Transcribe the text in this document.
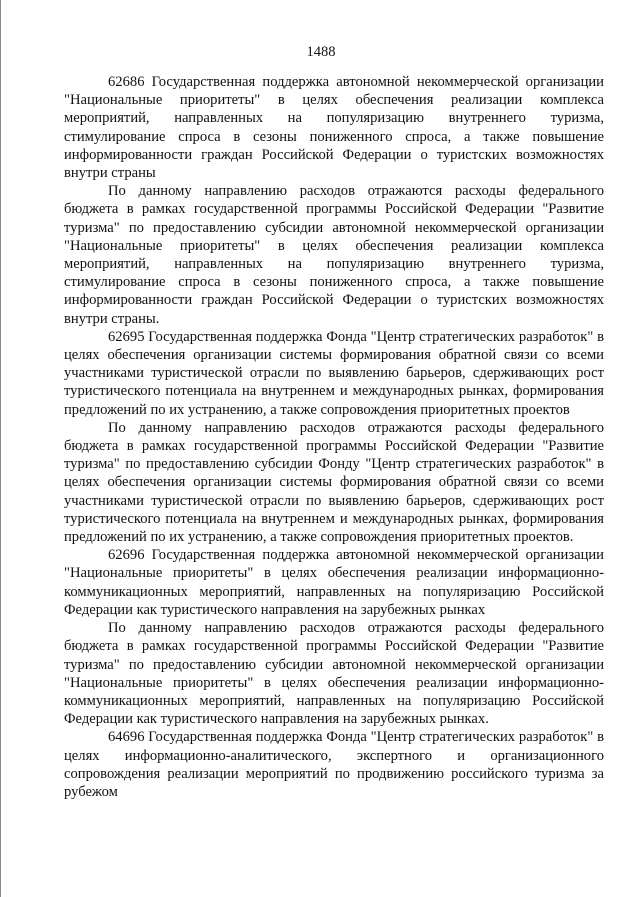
1488

62686 Государственная поддержка автономной некоммерческой организации "Национальные приоритеты" в целях обеспечения реализации комплекса мероприятий, направленных на популяризацию внутреннего туризма, стимулирование спроса в сезоны пониженного спроса, а также повышение информированности граждан Российской Федерации о туристских возможностях внутри страны

По данному направлению расходов отражаются расходы федерального бюджета в рамках государственной программы Российской Федерации "Развитие туризма" по предоставлению субсидии автономной некоммерческой организации "Национальные приоритеты" в целях обеспечения реализации комплекса мероприятий, направленных на популяризацию внутреннего туризма, стимулирование спроса в сезоны пониженного спроса, а также повышение информированности граждан Российской Федерации о туристских возможностях внутри страны.

62695 Государственная поддержка Фонда "Центр стратегических разработок" в целях обеспечения организации системы формирования обратной связи со всеми участниками туристической отрасли по выявлению барьеров, сдерживающих рост туристического потенциала на внутреннем и международных рынках, формирования предложений по их устранению, а также сопровождения приоритетных проектов

По данному направлению расходов отражаются расходы федерального бюджета в рамках государственной программы Российской Федерации "Развитие туризма" по предоставлению субсидии Фонду "Центр стратегических разработок" в целях обеспечения организации системы формирования обратной связи со всеми участниками туристической отрасли по выявлению барьеров, сдерживающих рост туристического потенциала на внутреннем и международных рынках, формирования предложений по их устранению, а также сопровождения приоритетных проектов.

62696 Государственная поддержка автономной некоммерческой организации "Национальные приоритеты" в целях обеспечения реализации информационно-коммуникационных мероприятий, направленных на популяризацию Российской Федерации как туристического направления на зарубежных рынках

По данному направлению расходов отражаются расходы федерального бюджета в рамках государственной программы Российской Федерации "Развитие туризма" по предоставлению субсидии автономной некоммерческой организации "Национальные приоритеты" в целях обеспечения реализации информационно-коммуникационных мероприятий, направленных на популяризацию Российской Федерации как туристического направления на зарубежных рынках.

64696 Государственная поддержка Фонда "Центр стратегических разработок" в целях информационно-аналитического, экспертного и организационного сопровождения реализации мероприятий по продвижению российского туризма за рубежом
